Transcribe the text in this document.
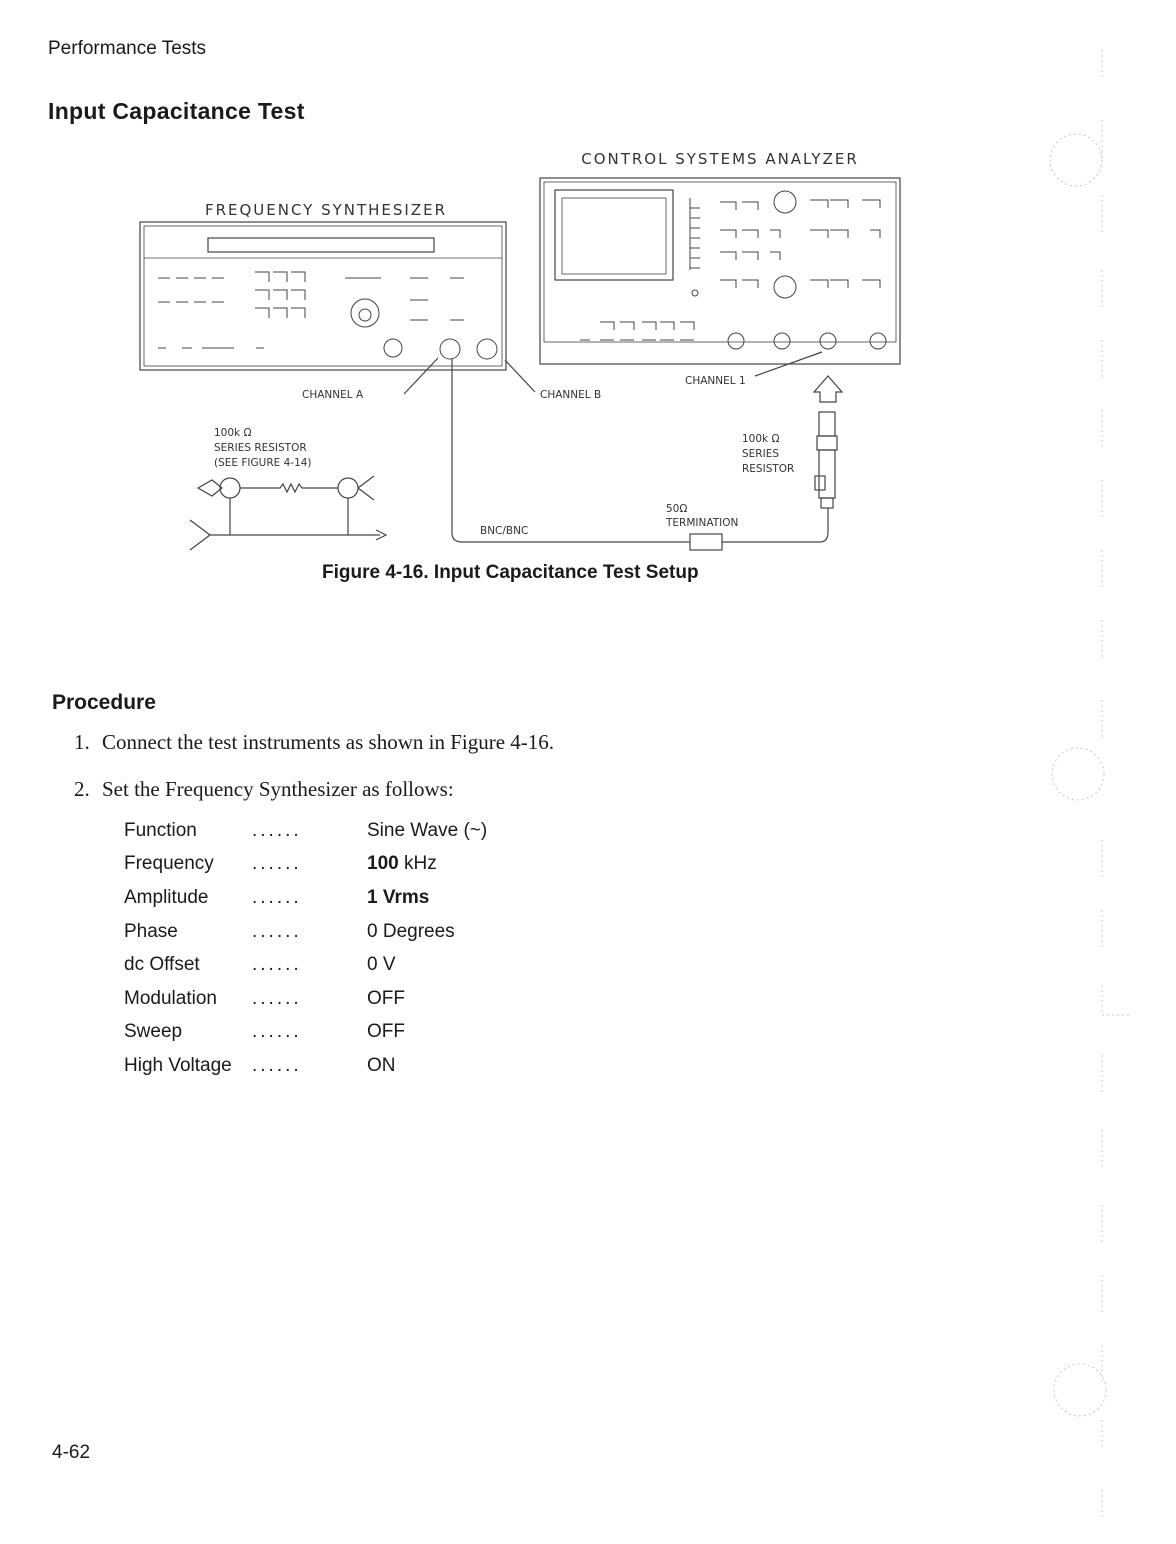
Performance Tests
Input Capacitance Test
CONTROL SYSTEMS ANALYZER
FREQUENCY SYNTHESIZER
CHANNEL A	CHANNEL B
CHANNEL 1
100k Ω
SERIES RESISTOR
(SEE FIGURE 4-14)
100k Ω
SERIES
RESISTOR
50Ω
TERMINATION
BNC/BNC
Figure 4-16. Input Capacitance Test Setup
Procedure
1. Connect the test instruments as shown in Figure 4-16.
2. Set the Frequency Synthesizer as follows:
Function	......	Sine Wave (~)
Frequency	......	100 kHz
Amplitude	......	1 Vrms
Phase	......	0 Degrees
dc Offset	......	0 V
Modulation	......	OFF
Sweep	......	OFF
High Voltage	......	ON
4-62
